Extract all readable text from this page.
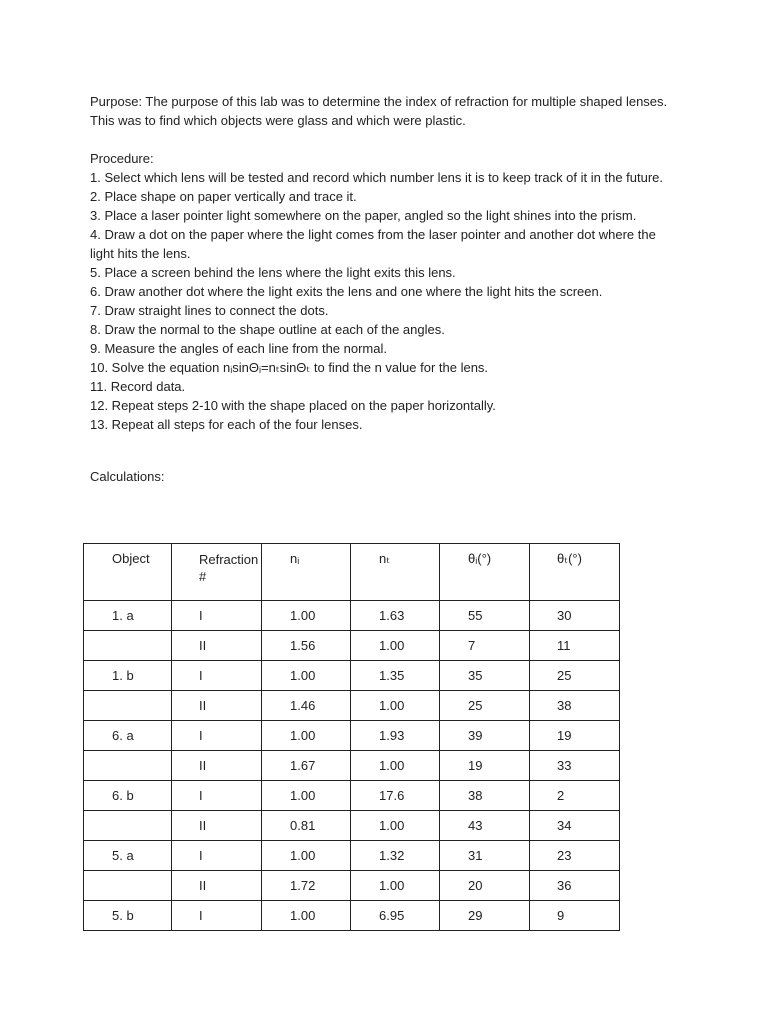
Purpose: The purpose of this lab was to determine the index of refraction for multiple shaped lenses. This was to find which objects were glass and which were plastic.

Procedure:

1. Select which lens will be tested and record which number lens it is to keep track of it in the future.
2. Place shape on paper vertically and trace it.
3. Place a laser pointer light somewhere on the paper, angled so the light shines into the prism.
4. Draw a dot on the paper where the light comes from the laser pointer and another dot where the light hits the lens.
5. Place a screen behind the lens where the light exits this lens.
6. Draw another dot where the light exits the lens and one where the light hits the screen.
7. Draw straight lines to connect the dots.
8. Draw the normal to the shape outline at each of the angles.
9. Measure the angles of each line from the normal.
10. Solve the equation nᵢsinΘᵢ=nₜsinΘₜ to find the n value for the lens.
11. Record data.
12. Repeat steps 2-10 with the shape placed on the paper horizontally.
13. Repeat all steps for each of the four lenses.

Calculations:

Object	Refraction #	nᵢ	nₜ	θᵢ(°)	θₜ(°)
1. a	I	1.00	1.63	55	30
	II	1.56	1.00	7	11
1. b	I	1.00	1.35	35	25
	II	1.46	1.00	25	38
6. a	I	1.00	1.93	39	19
	II	1.67	1.00	19	33
6. b	I	1.00	17.6	38	2
	II	0.81	1.00	43	34
5. a	I	1.00	1.32	31	23
	II	1.72	1.00	20	36
5. b	I	1.00	6.95	29	9
